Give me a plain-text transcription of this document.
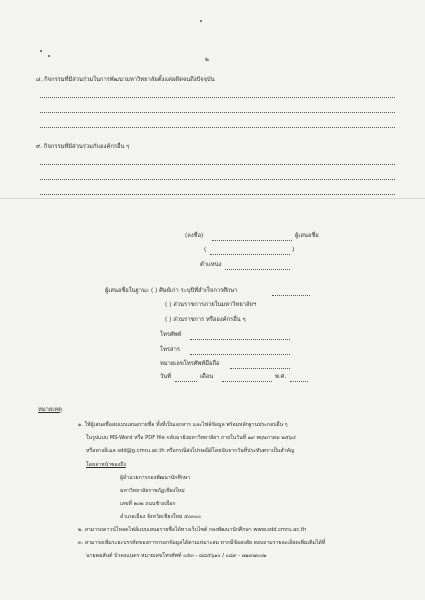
๒
๘. กิจกรรมที่มีส่วนร่วมในการพัฒนามหาวิทยาลัยตั้งแต่อดีตจนถึงปัจจุบัน
๙. กิจกรรมที่มีส่วนร่วมกับองค์กรอื่น ๆ
(ลงชื่อ)	ผู้เสนอชื่อ
(	)
ตำแหน่ง
ผู้เสนอชื่อในฐานะ ( ) ศิษย์เก่า ระบุปีที่สำเร็จการศึกษา
( ) ส่วนราชการภายในมหาวิทยาลัยฯ
( ) ส่วนราชการ หรือองค์กรอื่น ๆ
โทรศัพท์
โทรสาร
หมายเลขโทรศัพท์มือถือ
วันที่	เดือน	พ.ศ.
หมายเหตุ
๑. ให้ผู้เสนอชื่อส่งแบบเสนอรายชื่อ ทั้งที่เป็นเอกสาร และไฟล์ข้อมูล พร้อมหลักฐานประกอบอื่น ๆ
ในรูปแบบ MS-Word หรือ PDF file กลับมายังมหาวิทยาลัยฯ ภายในวันที่ ๑๙ พฤษภาคม ๒๕๖๔
หรือทางอีเมล sdd@g.cmru.ac.th หรือกรณีส่งไปรษณีย์โดยนับจากวันที่ประทับตราเป็นสำคัญ
โดยจ่าหน้าซองถึง
ผู้อำนวยการกองพัฒนานักศึกษา
มหาวิทยาลัยราชภัฏเชียงใหม่
เลขที่ ๒๐๒ ถนนช้างเผือก
อำเภอเมือง จังหวัดเชียงใหม่ ๕๐๓๐๐
๒. สามารถดาวน์โหลดไฟล์แบบเสนอรายชื่อได้ทางเว็บไซต์ กองพัฒนานักศึกษา www.sdd.cmru.ac.th
๓. สามารถเพิ่มระยะบรรทัดของการกรอกข้อมูลได้ตามเหมาะสม หากมีข้อสงสัย สอบถามรายละเอียดเพิ่มเติมได้ที่
นายคมสันต์ บัวคงแนดร หมายเลขโทรศัพท์ ๐๕๓ - ๘๘๕๖๑๐ / ๐๘๙ - ๗๑๙๗๐๐๒
